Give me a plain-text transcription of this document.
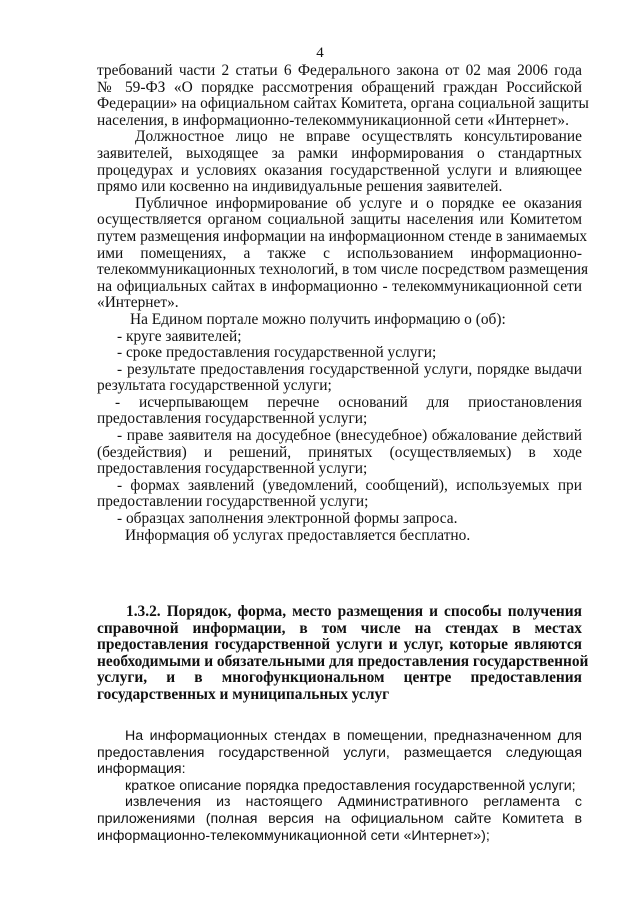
4
требований части 2 статьи 6 Федерального закона от 02 мая 2006 года
№ 59-ФЗ «О порядке рассмотрения обращений граждан Российской
Федерации» на официальном сайтах Комитета, органа социальной защиты
населения, в информационно-телекоммуникационной сети «Интернет».
Должностное лицо не вправе осуществлять консультирование
заявителей, выходящее за рамки информирования о стандартных
процедурах и условиях оказания государственной услуги и влияющее
прямо или косвенно на индивидуальные решения заявителей.
Публичное информирование об услуге и о порядке ее оказания
осуществляется органом социальной защиты населения или Комитетом
путем размещения информации на информационном стенде в занимаемых
ими помещениях, а также с использованием информационно-
телекоммуникационных технологий, в том числе посредством размещения
на официальных сайтах в информационно - телекоммуникационной сети
«Интернет».
На Едином портале можно получить информацию о (об):
- круге заявителей;
- сроке предоставления государственной услуги;
- результате предоставления государственной услуги, порядке выдачи
результата государственной услуги;
- исчерпывающем перечне оснований для приостановления
предоставления государственной услуги;
- праве заявителя на досудебное (внесудебное) обжалование действий
(бездействия) и решений, принятых (осуществляемых) в ходе
предоставления государственной услуги;
- формах заявлений (уведомлений, сообщений), используемых при
предоставлении государственной услуги;
- образцах заполнения электронной формы запроса.
Информация об услугах предоставляется бесплатно.
1.3.2. Порядок, форма, место размещения и способы получения
справочной информации, в том числе на стендах в местах
предоставления государственной услуги и услуг, которые являются
необходимыми и обязательными для предоставления государственной
услуги, и в многофункциональном центре предоставления
государственных и муниципальных услуг
На информационных стендах в помещении, предназначенном для
предоставления государственной услуги, размещается следующая
информация:
краткое описание порядка предоставления государственной услуги;
извлечения из настоящего Административного регламента с
приложениями (полная версия на официальном сайте Комитета в
информационно-телекоммуникационной сети «Интернет»);
